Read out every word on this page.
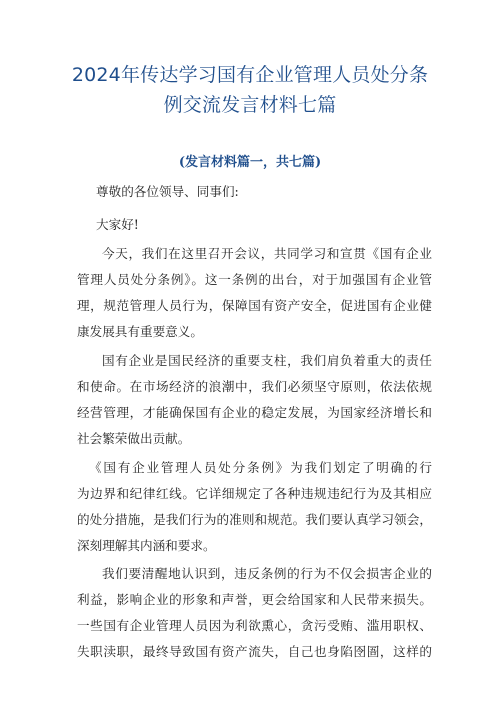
2024年传达学习国有企业管理人员处分条
例交流发言材料七篇
(发言材料篇一，共七篇)
尊敬的各位领导、同事们:
大家好!
今天，我们在这里召开会议，共同学习和宣贯《国有企业
管理人员处分条例》。这一条例的出台，对于加强国有企业管
理，规范管理人员行为，保障国有资产安全，促进国有企业健
康发展具有重要意义。
国有企业是国民经济的重要支柱，我们肩负着重大的责任
和使命。在市场经济的浪潮中，我们必须坚守原则，依法依规
经营管理，才能确保国有企业的稳定发展，为国家经济增长和
社会繁荣做出贡献。
《国有企业管理人员处分条例》为我们划定了明确的行
为边界和纪律红线。它详细规定了各种违规违纪行为及其相应
的处分措施，是我们行为的准则和规范。我们要认真学习领会，
深刻理解其内涵和要求。
我们要清醒地认识到，违反条例的行为不仅会损害企业的
利益，影响企业的形象和声誉，更会给国家和人民带来损失。
一些国有企业管理人员因为利欲熏心，贪污受贿、滥用职权、
失职渎职，最终导致国有资产流失，自己也身陷囹圄，这样的
